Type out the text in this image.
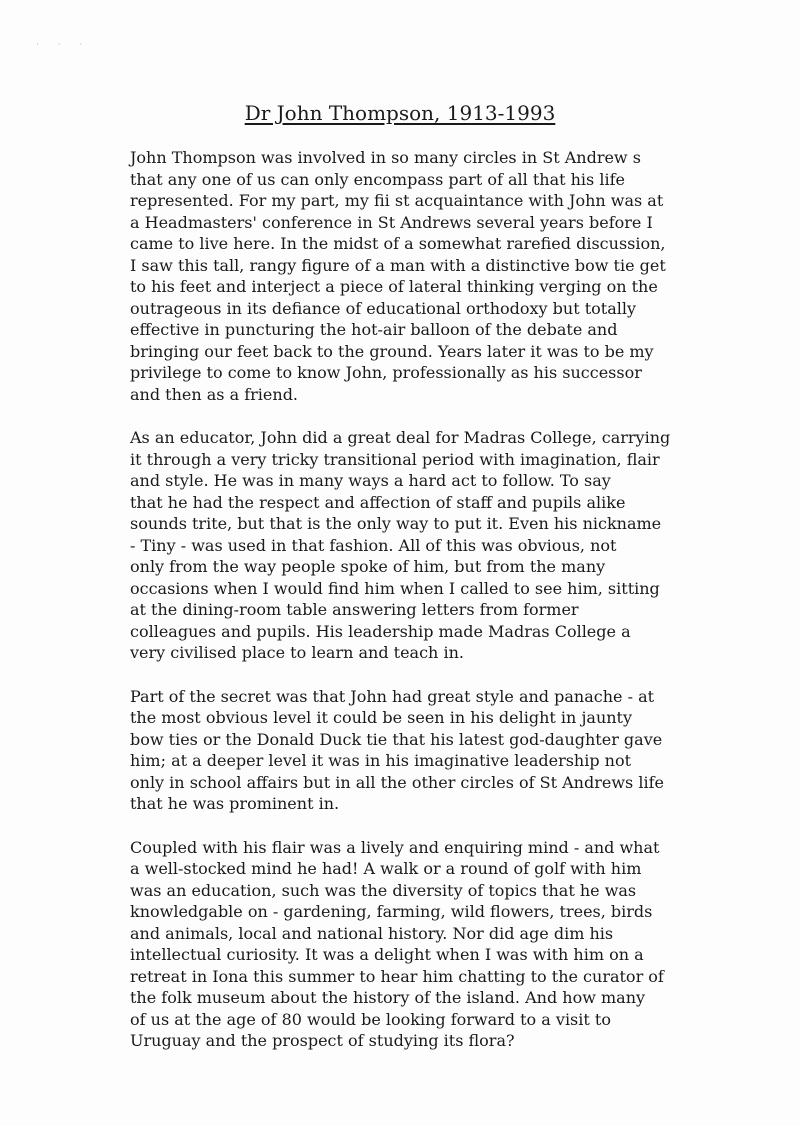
· · ·
Dr John Thompson, 1913-1993

John Thompson was involved in so many circles in St Andrew s
that any one of us can only encompass part of all that his life
represented. For my part, my fii st acquaintance with John was at
a Headmasters' conference in St Andrews several years before I
came to live here. In the midst of a somewhat rarefied discussion,
I saw this tall, rangy figure of a man with a distinctive bow tie get
to his feet and interject a piece of lateral thinking verging on the
outrageous in its defiance of educational orthodoxy but totally
effective in puncturing the hot-air balloon of the debate and
bringing our feet back to the ground. Years later it was to be my
privilege to come to know John, professionally as his successor
and then as a friend.

As an educator, John did a great deal for Madras College, carrying
it through a very tricky transitional period with imagination, flair
and style. He was in many ways a hard act to follow. To say
that he had the respect and affection of staff and pupils alike
sounds trite, but that is the only way to put it. Even his nickname
- Tiny - was used in that fashion. All of this was obvious, not
only from the way people spoke of him, but from the many
occasions when I would find him when I called to see him, sitting
at the dining-room table answering letters from former
colleagues and pupils. His leadership made Madras College a
very civilised place to learn and teach in.

Part of the secret was that John had great style and panache - at
the most obvious level it could be seen in his delight in jaunty
bow ties or the Donald Duck tie that his latest god-daughter gave
him; at a deeper level it was in his imaginative leadership not
only in school affairs but in all the other circles of St Andrews life
that he was prominent in.

Coupled with his flair was a lively and enquiring mind - and what
a well-stocked mind he had! A walk or a round of golf with him
was an education, such was the diversity of topics that he was
knowledgable on - gardening, farming, wild flowers, trees, birds
and animals, local and national history. Nor did age dim his
intellectual curiosity. It was a delight when I was with him on a
retreat in Iona this summer to hear him chatting to the curator of
the folk museum about the history of the island. And how many
of us at the age of 80 would be looking forward to a visit to
Uruguay and the prospect of studying its flora?
